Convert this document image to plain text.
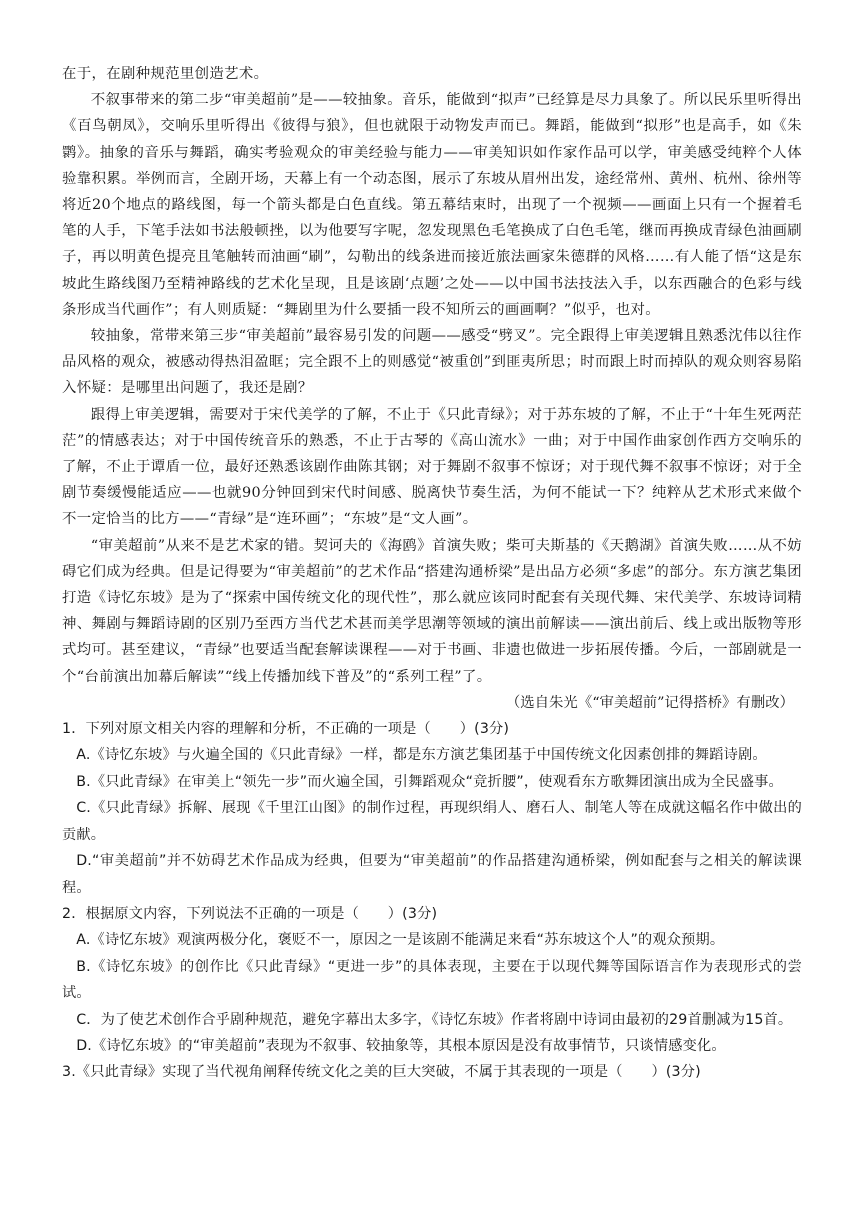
在于，在剧种规范里创造艺术。

不叙事带来的第二步“审美超前”是——较抽象。音乐，能做到“拟声”已经算是尽力具象了。所以民乐里听得出《百鸟朝凤》，交响乐里听得出《彼得与狼》，但也就限于动物发声而已。舞蹈，能做到“拟形”也是高手，如《朱鹮》。抽象的音乐与舞蹈，确实考验观众的审美经验与能力——审美知识如作家作品可以学，审美感受纯粹个人体验靠积累。举例而言，全剧开场，天幕上有一个动态图，展示了东坡从眉州出发，途经常州、黄州、杭州、徐州等将近20个地点的路线图，每一个箭头都是白色直线。第五幕结束时，出现了一个视频——画面上只有一个握着毛笔的人手，下笔手法如书法般顿挫，以为他要写字呢，忽发现黑色毛笔换成了白色毛笔，继而再换成青绿色油画刷子，再以明黄色提亮且笔触转而油画“刷”，勾勒出的线条进而接近旅法画家朱德群的风格……有人能了悟“这是东坡此生路线图乃至精神路线的艺术化呈现，且是该剧‘点题’之处——以中国书法技法入手，以东西融合的色彩与线条形成当代画作”；有人则质疑：“舞剧里为什么要插一段不知所云的画画啊？”似乎，也对。

较抽象，常带来第三步“审美超前”最容易引发的问题——感受“劈叉”。完全跟得上审美逻辑且熟悉沈伟以往作品风格的观众，被感动得热泪盈眶；完全跟不上的则感觉“被重创”到匪夷所思；时而跟上时而掉队的观众则容易陷入怀疑：是哪里出问题了，我还是剧？

跟得上审美逻辑，需要对于宋代美学的了解，不止于《只此青绿》；对于苏东坡的了解，不止于“十年生死两茫茫”的情感表达；对于中国传统音乐的熟悉，不止于古琴的《高山流水》一曲；对于中国作曲家创作西方交响乐的了解，不止于谭盾一位，最好还熟悉该剧作曲陈其钢；对于舞剧不叙事不惊讶；对于现代舞不叙事不惊讶；对于全剧节奏缓慢能适应——也就90分钟回到宋代时间感、脱离快节奏生活，为何不能试一下？纯粹从艺术形式来做个不一定恰当的比方——“青绿”是“连环画”；“东坡”是“文人画”。

“审美超前”从来不是艺术家的错。契诃夫的《海鸥》首演失败；柴可夫斯基的《天鹅湖》首演失败……从不妨碍它们成为经典。但是记得要为“审美超前”的艺术作品“搭建沟通桥梁”是出品方必须“多虑”的部分。东方演艺集团打造《诗忆东坡》是为了“探索中国传统文化的现代性”，那么就应该同时配套有关现代舞、宋代美学、东坡诗词精神、舞剧与舞蹈诗剧的区别乃至西方当代艺术甚而美学思潮等领域的演出前解读——演出前后、线上或出版物等形式均可。甚至建议，“青绿”也要适当配套解读课程——对于书画、非遗也做进一步拓展传播。今后，一部剧就是一个“台前演出加幕后解读”“线上传播加线下普及”的“系列工程”了。

（选自朱光《“审美超前”记得搭桥》有删改）

1．下列对原文相关内容的理解和分析，不正确的一项是（　　）(3分)

A.《诗忆东坡》与火遍全国的《只此青绿》一样，都是东方演艺集团基于中国传统文化因素创排的舞蹈诗剧。

B.《只此青绿》在审美上“领先一步”而火遍全国，引舞蹈观众“竞折腰”，使观看东方歌舞团演出成为全民盛事。

C.《只此青绿》拆解、展现《千里江山图》的制作过程，再现织绢人、磨石人、制笔人等在成就这幅名作中做出的贡献。

D.“审美超前”并不妨碍艺术作品成为经典，但要为“审美超前”的作品搭建沟通桥梁，例如配套与之相关的解读课程。

2．根据原文内容，下列说法不正确的一项是（　　）(3分)

A.《诗忆东坡》观演两极分化，褒贬不一，原因之一是该剧不能满足来看“苏东坡这个人”的观众预期。

B.《诗忆东坡》的创作比《只此青绿》“更进一步”的具体表现，主要在于以现代舞等国际语言作为表现形式的尝试。

C．为了使艺术创作合乎剧种规范，避免字幕出太多字，《诗忆东坡》作者将剧中诗词由最初的29首删减为15首。

D.《诗忆东坡》的“审美超前”表现为不叙事、较抽象等，其根本原因是没有故事情节，只谈情感变化。

3.《只此青绿》实现了当代视角阐释传统文化之美的巨大突破，不属于其表现的一项是（　　）(3分)
